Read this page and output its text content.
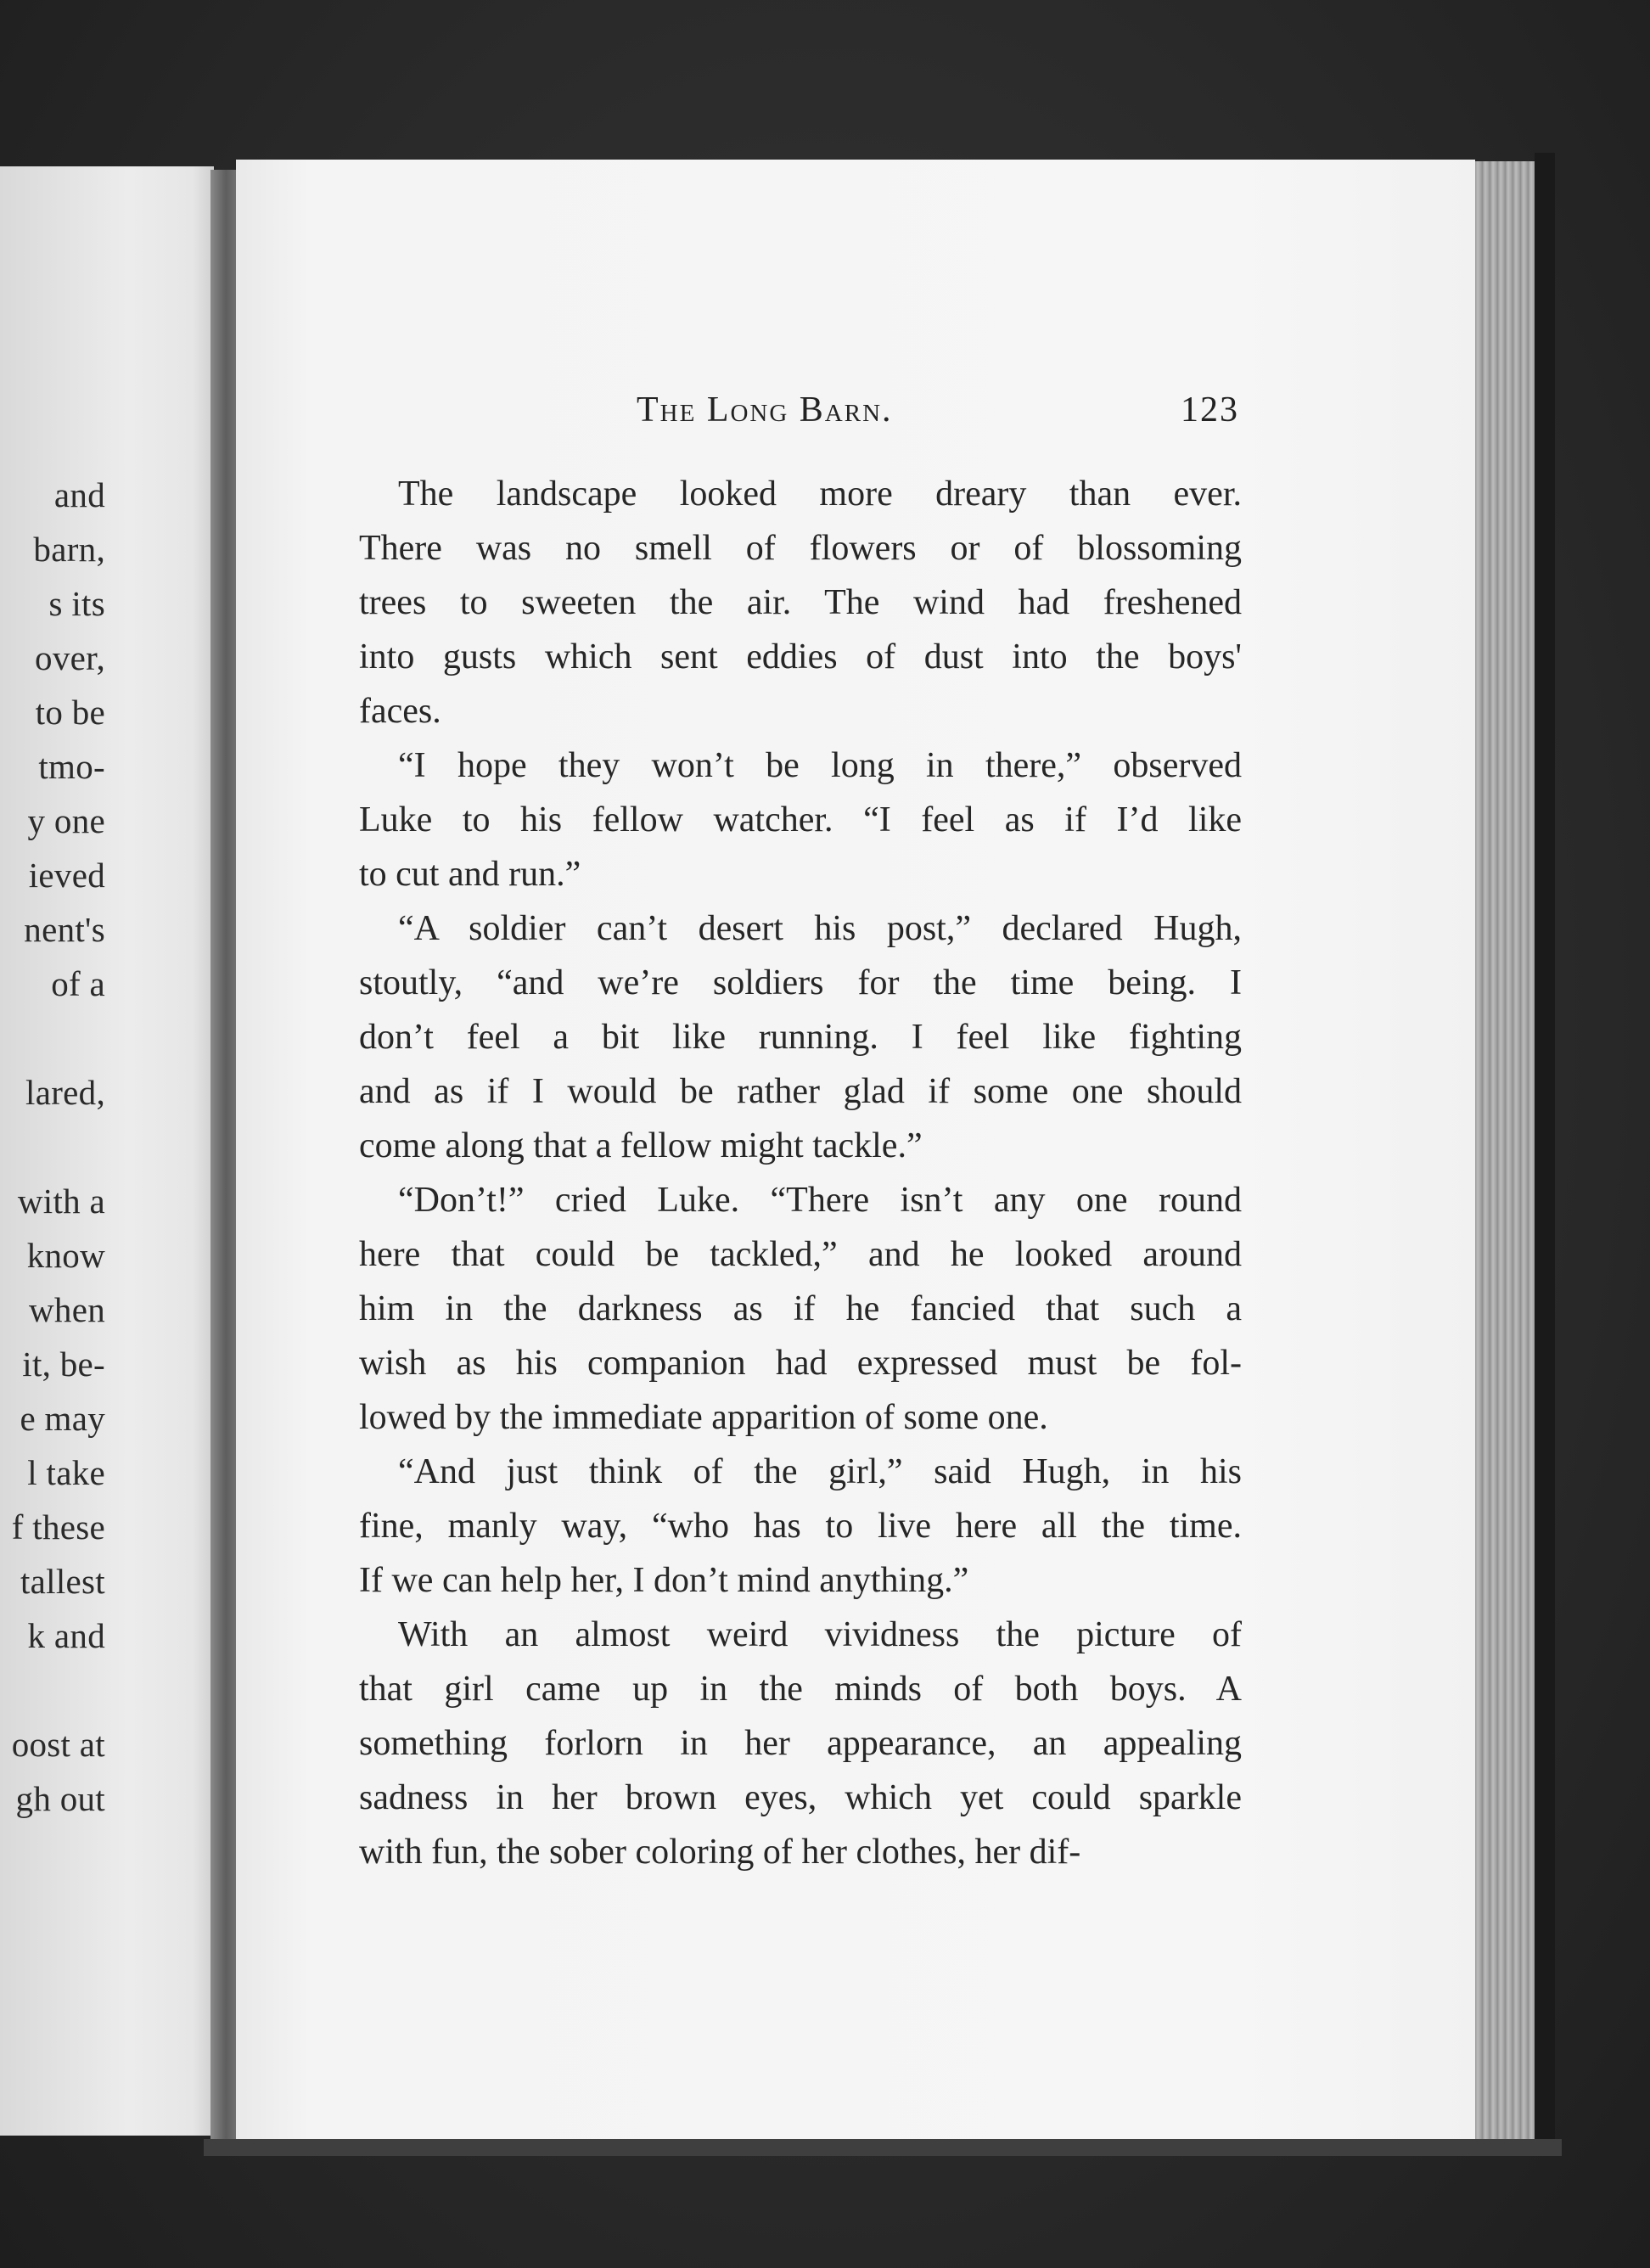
and
barn,
s its
over,
to be
tmo-
y one
ieved
nent's
of a
lared,
with a
know
when
it, be-
e may
l take
f these
tallest
k and
oost at
gh out
The Long Barn.	123
The landscape looked more dreary than ever.
There was no smell of flowers or of blossoming
trees to sweeten the air. The wind had freshened
into gusts which sent eddies of dust into the boys'
faces.
“I hope they won’t be long in there,” observed
Luke to his fellow watcher. “I feel as if I’d like
to cut and run.”
“A soldier can’t desert his post,” declared Hugh,
stoutly, “and we’re soldiers for the time being. I
don’t feel a bit like running. I feel like fighting
and as if I would be rather glad if some one should
come along that a fellow might tackle.”
“Don’t!” cried Luke. “There isn’t any one round
here that could be tackled,” and he looked around
him in the darkness as if he fancied that such a
wish as his companion had expressed must be fol-
lowed by the immediate apparition of some one.
“And just think of the girl,” said Hugh, in his
fine, manly way, “who has to live here all the time.
If we can help her, I don’t mind anything.”
With an almost weird vividness the picture of
that girl came up in the minds of both boys. A
something forlorn in her appearance, an appealing
sadness in her brown eyes, which yet could sparkle
with fun, the sober coloring of her clothes, her dif-
